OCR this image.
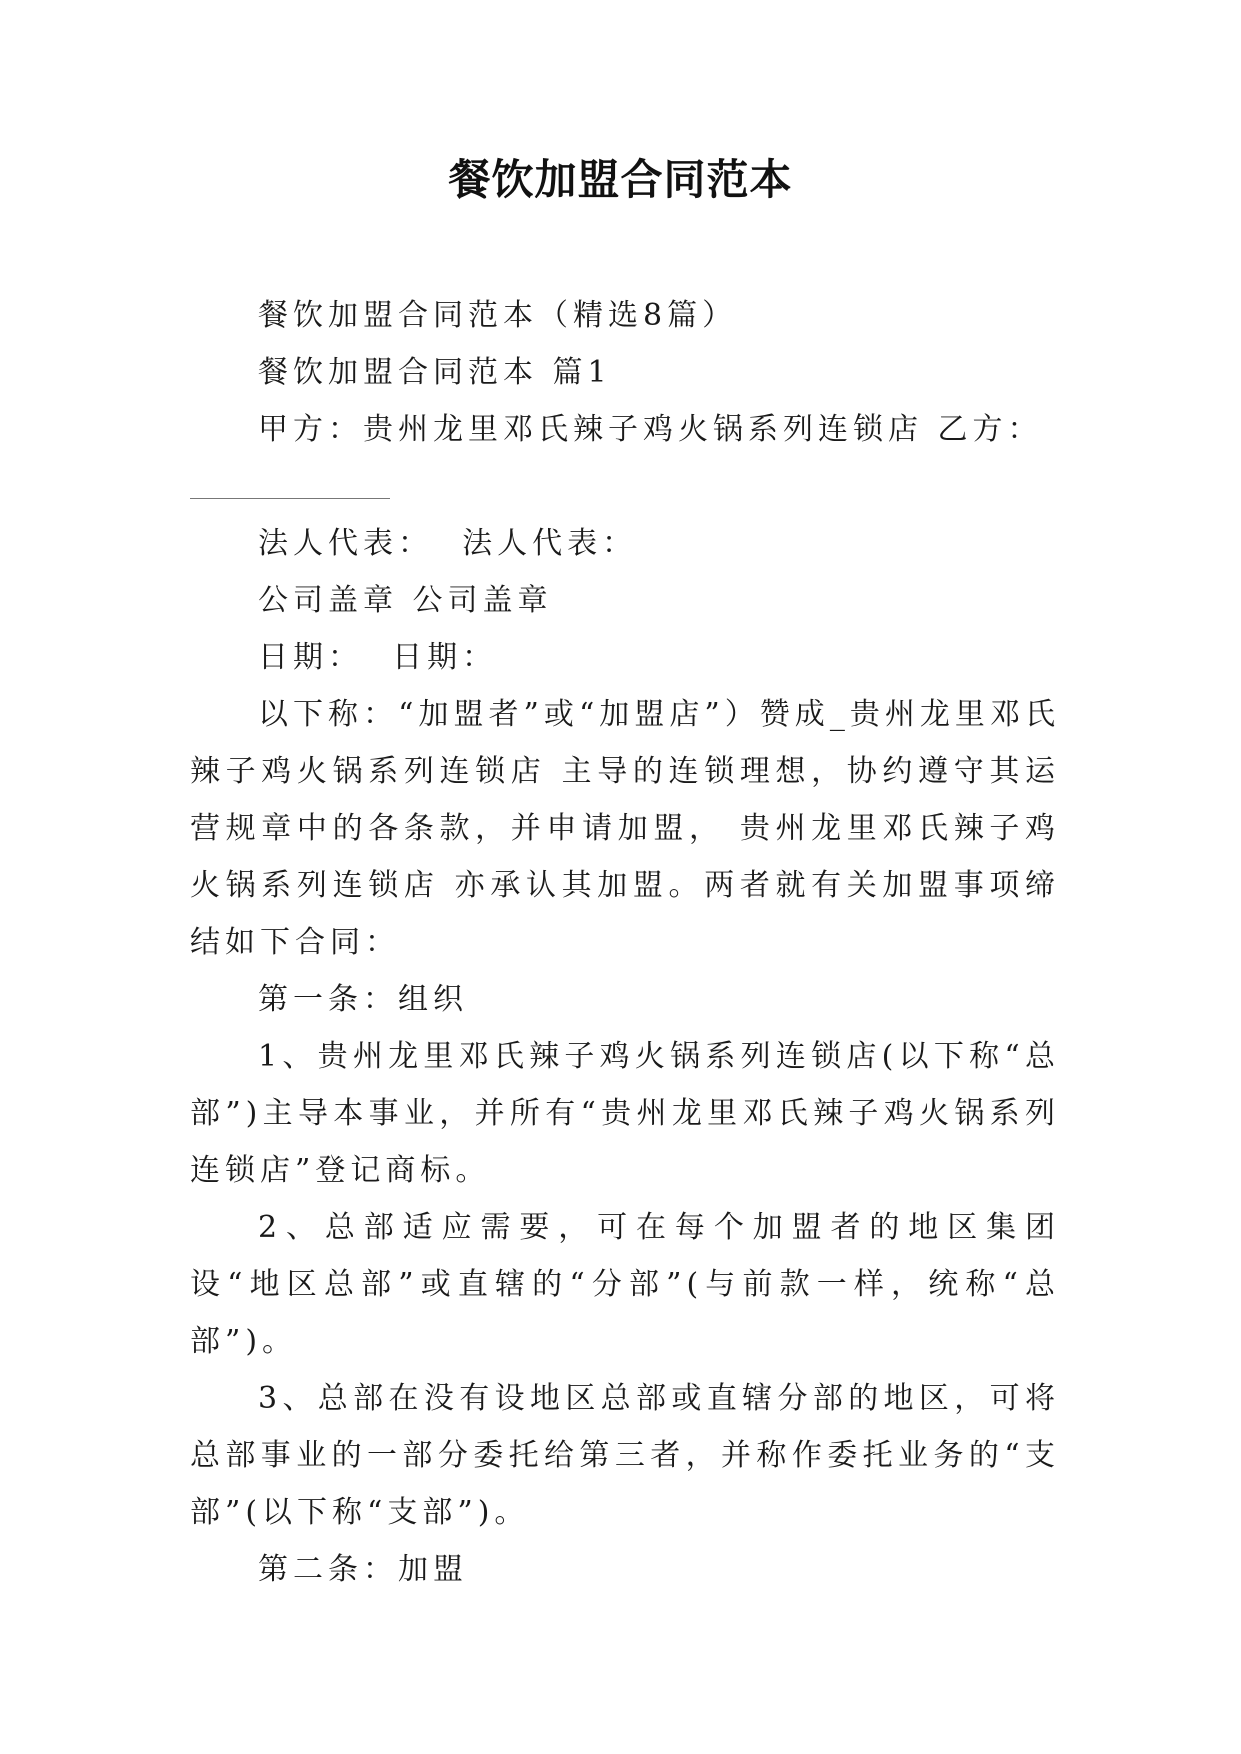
餐饮加盟合同范本

餐饮加盟合同范本（精选8篇）

餐饮加盟合同范本 篇1

甲方：贵州龙里邓氏辣子鸡火锅系列连锁店 乙方：

法人代表：  法人代表：

公司盖章 公司盖章

日期：  日期：

以下称：“加盟者”或“加盟店”）赞成_贵州龙里邓氏辣子鸡火锅系列连锁店 主导的连锁理想，协约遵守其运营规章中的各条款，并申请加盟， 贵州龙里邓氏辣子鸡火锅系列连锁店 亦承认其加盟。两者就有关加盟事项缔结如下合同：

第一条：组织

1、贵州龙里邓氏辣子鸡火锅系列连锁店(以下称“总部”)主导本事业，并所有“贵州龙里邓氏辣子鸡火锅系列连锁店”登记商标。

2、总部适应需要，可在每个加盟者的地区集团设“地区总部”或直辖的“分部”(与前款一样，统称“总部”)。

3、总部在没有设地区总部或直辖分部的地区，可将总部事业的一部分委托给第三者，并称作委托业务的“支部”(以下称“支部”)。

第二条：加盟
